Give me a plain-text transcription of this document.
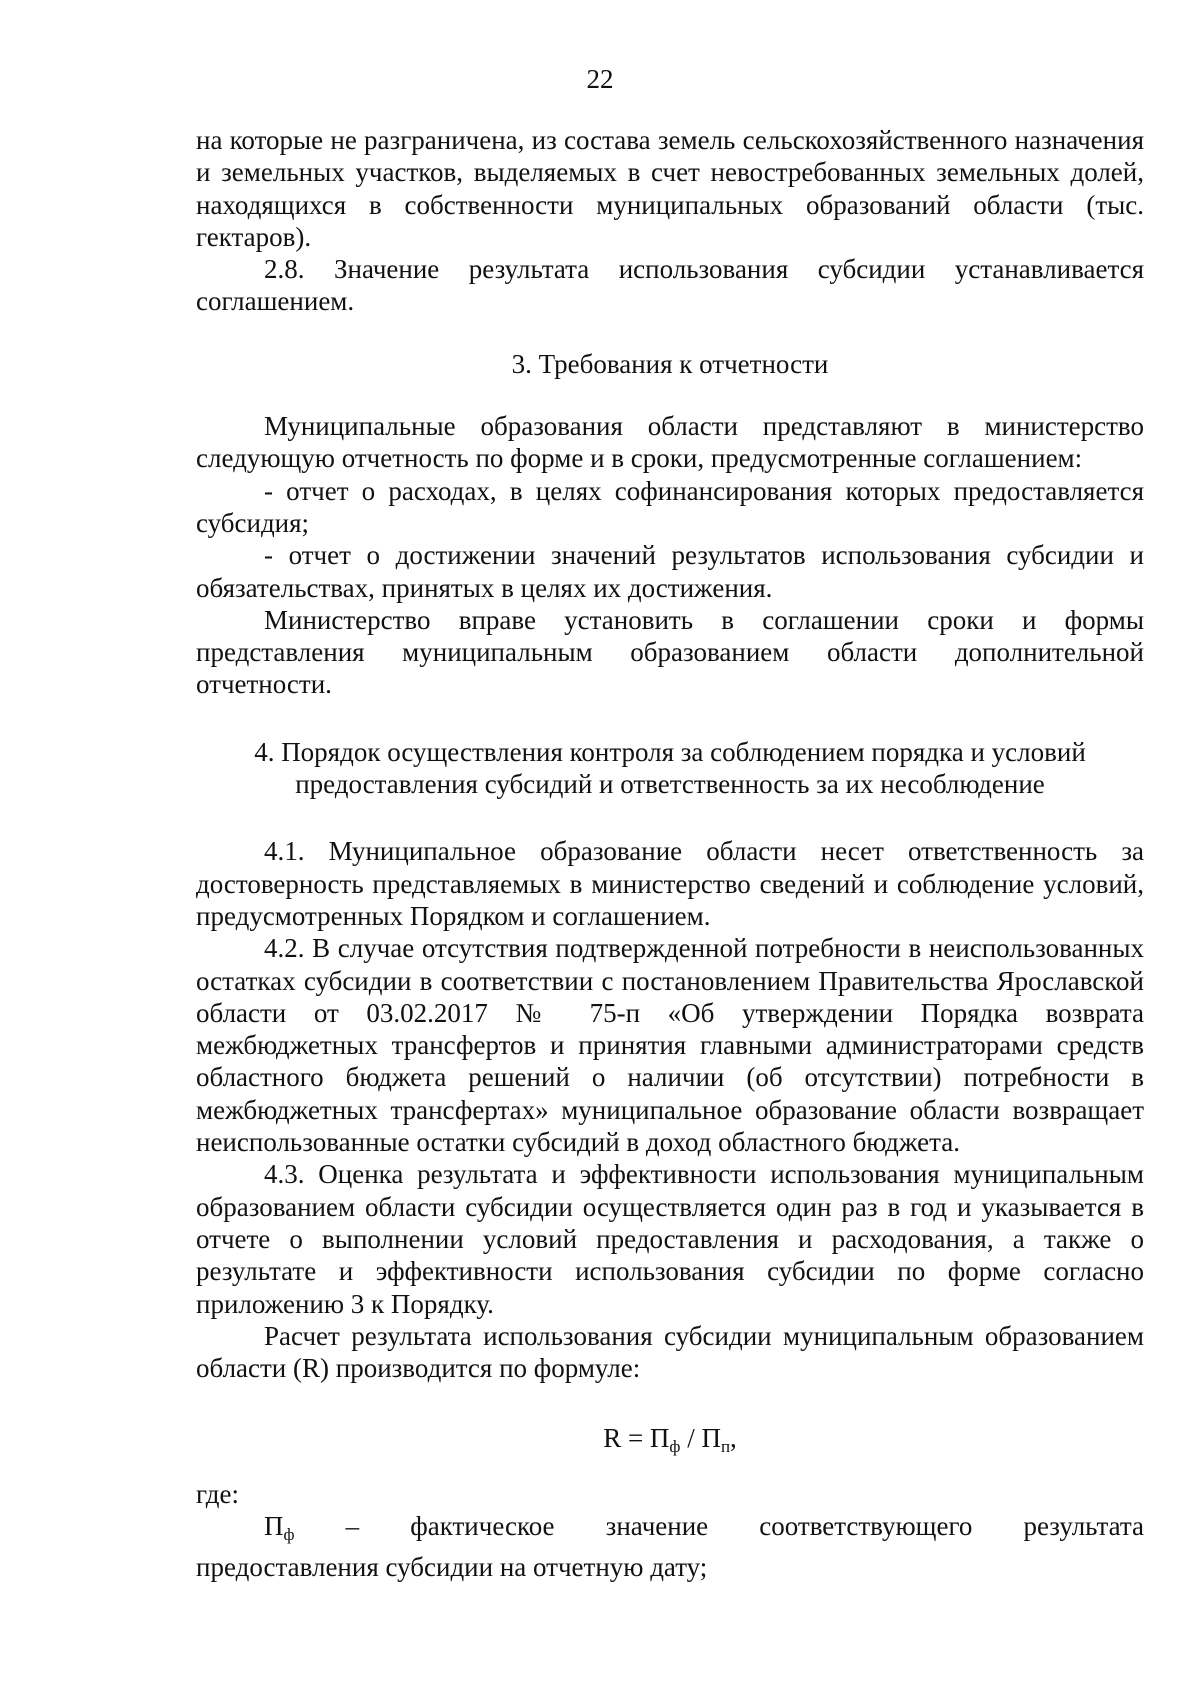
22

на которые не разграничена, из состава земель сельскохозяйственного назначения и земельных участков, выделяемых в счет невостребованных земельных долей, находящихся в собственности муниципальных образований области (тыс. гектаров).

2.8. Значение результата использования субсидии устанавливается соглашением.

3. Требования к отчетности

Муниципальные образования области представляют в министерство следующую отчетность по форме и в сроки, предусмотренные соглашением:

- отчет о расходах, в целях софинансирования которых предоставляется субсидия;

- отчет о достижении значений результатов использования субсидии и обязательствах, принятых в целях их достижения.

Министерство вправе установить в соглашении сроки и формы представления муниципальным образованием области дополнительной отчетности.

4. Порядок осуществления контроля за соблюдением порядка и условий
предоставления субсидий и ответственность за их несоблюдение

4.1. Муниципальное образование области несет ответственность за достоверность представляемых в министерство сведений и соблюдение условий, предусмотренных Порядком и соглашением.

4.2. В случае отсутствия подтвержденной потребности в неиспользованных остатках субсидии в соответствии с постановлением Правительства Ярославской области от 03.02.2017 № 75-п «Об утверждении Порядка возврата межбюджетных трансфертов и принятия главными администраторами средств областного бюджета решений о наличии (об отсутствии) потребности в межбюджетных трансфертах» муниципальное образование области возвращает неиспользованные остатки субсидий в доход областного бюджета.

4.3. Оценка результата и эффективности использования муниципальным образованием области субсидии осуществляется один раз в год и указывается в отчете о выполнении условий предоставления и расходования, а также о результате и эффективности использования субсидии по форме согласно приложению 3 к Порядку.

Расчет результата использования субсидии муниципальным образованием области (R) производится по формуле:

$R = П_ф / П_п$,

где:

$П_ф$ – фактическое значение соответствующего результата

предоставления субсидии на отчетную дату;
